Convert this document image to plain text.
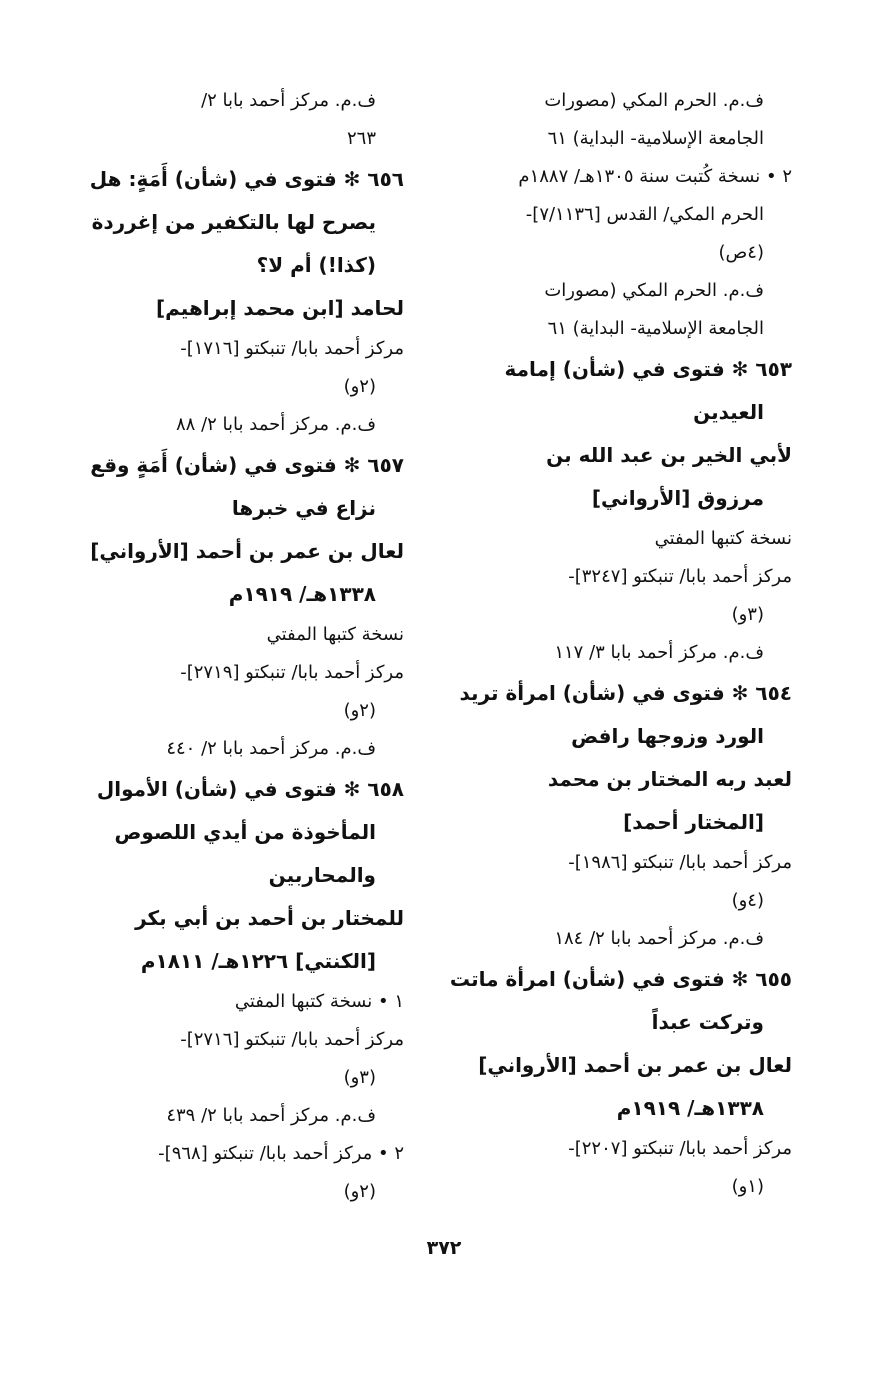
ف.م. الحرم المكي (مصورات

الجامعة الإسلامية- البداية) ٦١

٢ • نسخة كُتبت سنة ١٣٠٥هـ/ ١٨٨٧م

الحرم المكي/ القدس [٧/١١٣٦]-

(٤ص)

ف.م. الحرم المكي (مصورات

الجامعة الإسلامية- البداية) ٦١

٦٥٣ ✻ فتوى في (شأن) إمامة

العيدين

لأبي الخير بن عبد الله بن

مرزوق [الأرواني]

نسخة كتبها المفتي

مركز أحمد بابا/ تنبكتو [٣٢٤٧]-

(٣و)

ف.م. مركز أحمد بابا ٣/ ١١٧

٦٥٤ ✻ فتوى في (شأن) امرأة تريد

الورد وزوجها رافض

لعبد ربه المختار بن محمد

[المختار أحمد]

مركز أحمد بابا/ تنبكتو [١٩٨٦]-

(٤و)

ف.م. مركز أحمد بابا ٢/ ١٨٤

٦٥٥ ✻ فتوى في (شأن) امرأة ماتت

وتركت عبداً

لعال بن عمر بن أحمد [الأرواني]

١٣٣٨هـ/ ١٩١٩م

مركز أحمد بابا/ تنبكتو [٢٢٠٧]-

(١و)

ف.م. مركز أحمد بابا ٢/

٢٦٣

٦٥٦ ✻ فتوى في (شأن) أَمَةٍ: هل

يصرح لها بالتكفير من إغرردة

(كذا!) أم لا؟

لحامد [ابن محمد إبراهيم]

مركز أحمد بابا/ تنبكتو [١٧١٦]-

(٢و)

ف.م. مركز أحمد بابا ٢/ ٨٨

٦٥٧ ✻ فتوى في (شأن) أَمَةٍ وقع

نزاع في خبرها

لعال بن عمر بن أحمد [الأرواني]

١٣٣٨هـ/ ١٩١٩م

نسخة كتبها المفتي

مركز أحمد بابا/ تنبكتو [٢٧١٩]-

(٢و)

ف.م. مركز أحمد بابا ٢/ ٤٤٠

٦٥٨ ✻ فتوى في (شأن) الأموال

المأخوذة من أيدي اللصوص

والمحاربين

للمختار بن أحمد بن أبي بكر

[الكنتي] ١٢٢٦هـ/ ١٨١١م

١ • نسخة كتبها المفتي

مركز أحمد بابا/ تنبكتو [٢٧١٦]-

(٣و)

ف.م. مركز أحمد بابا ٢/ ٤٣٩

٢ • مركز أحمد بابا/ تنبكتو [٩٦٨]-

(٢و)

٣٧٢
